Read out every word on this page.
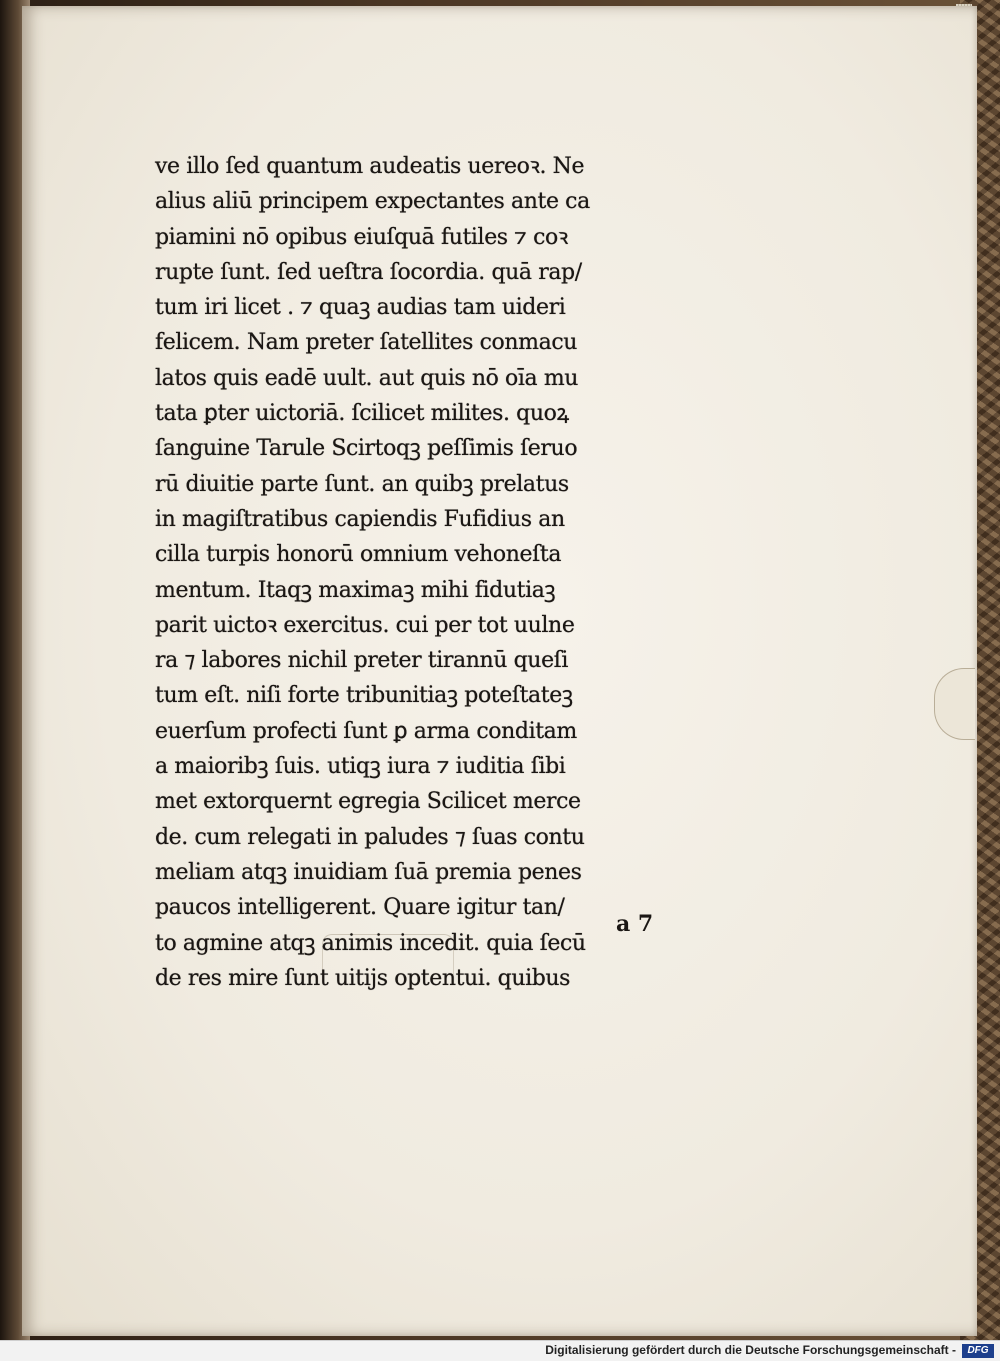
ve illo ſed quantum audeatis uereoꝛ. Ne
alius aliū principem expectantes ante ca
piamini nō opibus eiuſquā futiles ⁊ coꝛ
rupte ſunt. ſed ueſtra ſocordia. quā rap/
tum iri licet . ⁊ quaꝫ audias tam uideri
felicem. Nam preter ſatellites conmacu
latos quis eadē uult. aut quis nō oīa mu
tata ꝑter uictoriā. ſcilicet milites. quoꝝ
ſanguine Tarule Scirtoqꝫ peſſimis ſeruo
rū diuitie parte ſunt. an quibꝫ prelatus
in magiſtratibus capiendis Fufidius an
cilla turpis honorū omnium vehoneſta
mentum. Itaqꝫ maximaꝫ mihi fidutiaꝫ
parit uictoꝛ exercitus. cui per tot uulne
ra ⁊ labores nichil preter tirannū queſi
tum eſt. niſi forte tribunitiaꝫ poteſtateꝫ
euerſum profecti ſunt ꝑ arma conditam
a maioribꝫ ſuis. utiqꝫ iura ⁊ iuditia ſibi
met extorquernt egregia Scilicet merce
de. cum relegati in paludes ⁊ ſuas contu
meliam atqꝫ inuidiam ſuā premia penes
paucos intelligerent. Quare igitur tan/
to agmine atqꝫ animis incedit. quia ſecū
de res mire ſunt uitijs optentui. quibus
a 7
Digitalisierung gefördert durch die Deutsche Forschungsgemeinschaft -	DFG
